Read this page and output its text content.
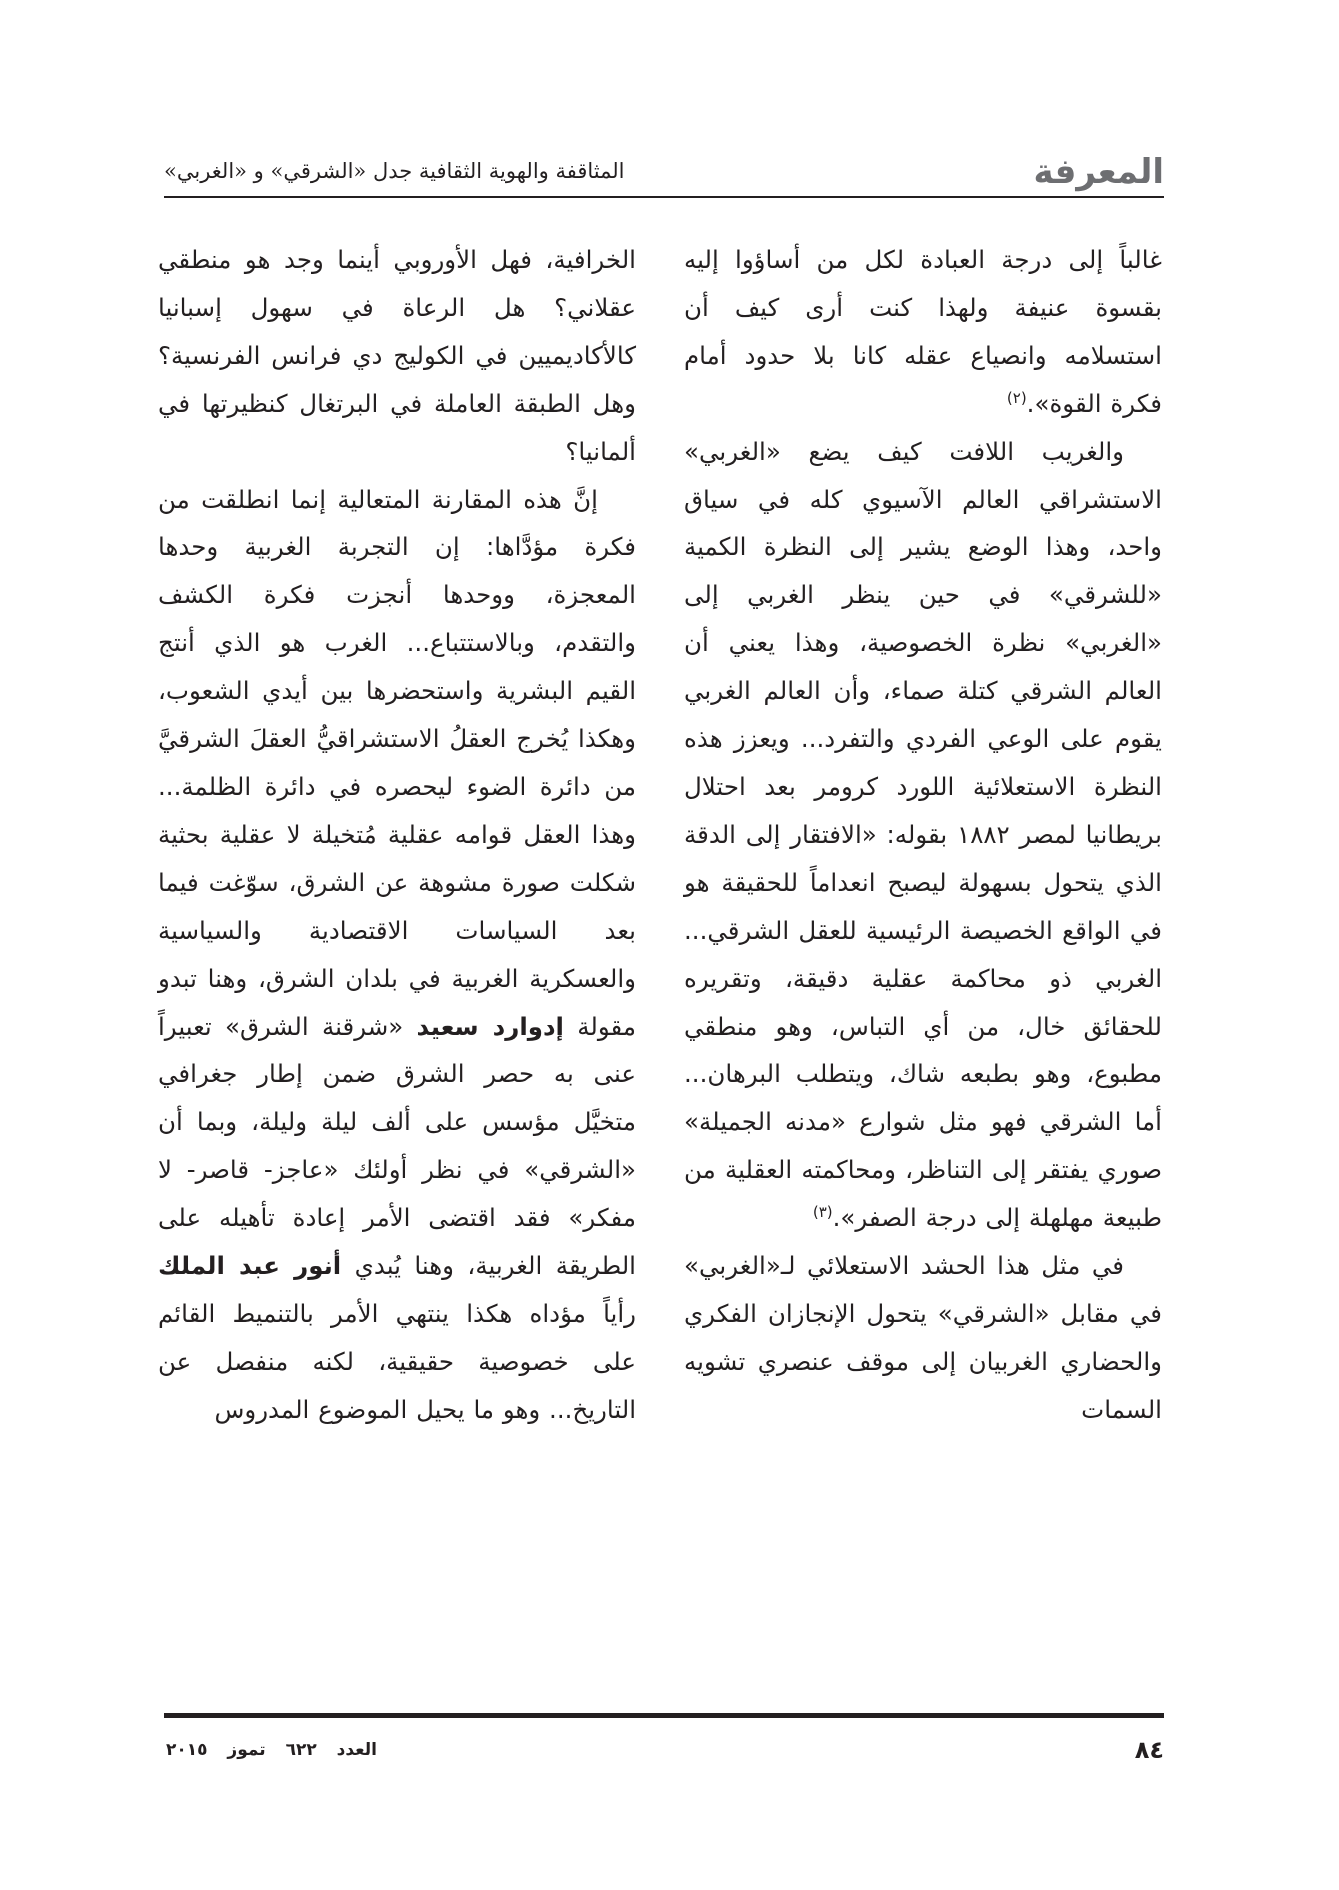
المعرفة
المثاقفة والهوية الثقافية جدل «الشرقي» و «الغربي»

غالباً إلى درجة العبادة لكل من أساؤوا إليه بقسوة عنيفة ولهذا كنت أرى كيف أن استسلامه وانصياع عقله كانا بلا حدود أمام فكرة القوة».$^{(٢)}$

والغريب اللافت كيف يضع «الغربي» الاستشراقي العالم الآسيوي كله في سياق واحد، وهذا الوضع يشير إلى النظرة الكمية «للشرقي» في حين ينظر الغربي إلى «الغربي» نظرة الخصوصية، وهذا يعني أن العالم الشرقي كتلة صماء، وأن العالم الغربي يقوم على الوعي الفردي والتفرد... ويعزز هذه النظرة الاستعلائية اللورد كرومر بعد احتلال بريطانيا لمصر ١٨٨٢ بقوله: «الافتقار إلى الدقة الذي يتحول بسهولة ليصبح انعداماً للحقيقة هو في الواقع الخصيصة الرئيسية للعقل الشرقي... الغربي ذو محاكمة عقلية دقيقة، وتقريره للحقائق خال، من أي التباس، وهو منطقي مطبوع، وهو بطبعه شاك، ويتطلب البرهان... أما الشرقي فهو مثل شوارع «مدنه الجميلة» صوري يفتقر إلى التناظر، ومحاكمته العقلية من طبيعة مهلهلة إلى درجة الصفر».$^{(٣)}$

في مثل هذا الحشد الاستعلائي لـ«الغربي» في مقابل «الشرقي» يتحول الإنجازان الفكري والحضاري الغربيان إلى موقف عنصري تشويه السمات

الخرافية، فهل الأوروبي أينما وجد هو منطقي عقلاني؟ هل الرعاة في سهول إسبانيا كالأكاديميين في الكوليج دي فرانس الفرنسية؟ وهل الطبقة العاملة في البرتغال كنظيرتها في ألمانيا؟

إنَّ هذه المقارنة المتعالية إنما انطلقت من فكرة مؤدَّاها: إن التجربة الغربية وحدها المعجزة، ووحدها أنجزت فكرة الكشف والتقدم، وبالاستتباع... الغرب هو الذي أنتج القيم البشرية واستحضرها بين أيدي الشعوب، وهكذا يُخرج العقلُ الاستشراقيُّ العقلَ الشرقيَّ من دائرة الضوء ليحصره في دائرة الظلمة... وهذا العقل قوامه عقلية مُتخيلة لا عقلية بحثية شكلت صورة مشوهة عن الشرق، سوّغت فيما بعد السياسات الاقتصادية والسياسية والعسكرية الغربية في بلدان الشرق، وهنا تبدو مقولة إدوارد سعيد «شرقنة الشرق» تعبيراً عنى به حصر الشرق ضمن إطار جغرافي متخيَّل مؤسس على ألف ليلة وليلة، وبما أن «الشرقي» في نظر أولئك «عاجز- قاصر- لا مفكر» فقد اقتضى الأمر إعادة تأهيله على الطريقة الغربية، وهنا يُبدي أنور عبد الملك رأياً مؤداه هكذا ينتهي الأمر بالتنميط القائم على خصوصية حقيقية، لكنه منفصل عن التاريخ... وهو ما يحيل الموضوع المدروس

٨٤
العدد ٦٢٢ تموز ٢٠١٥
